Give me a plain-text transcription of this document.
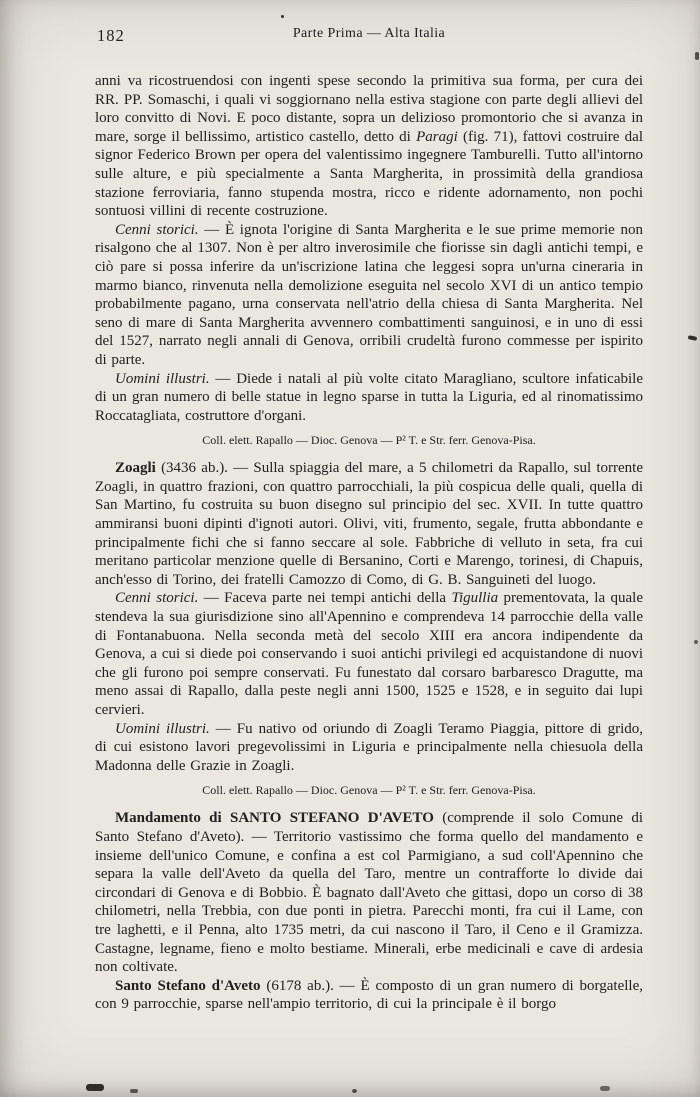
182	Parte Prima — Alta Italia

anni va ricostruendosi con ingenti spese secondo la primitiva sua forma, per cura dei RR. PP. Somaschi, i quali vi soggiornano nella estiva stagione con parte degli allievi del loro convitto di Novi. E poco distante, sopra un delizioso promontorio che si avanza in mare, sorge il bellissimo, artistico castello, detto di Paragi (fig. 71), fattovi costruire dal signor Federico Brown per opera del valentissimo ingegnere Tamburelli. Tutto all'intorno sulle alture, e più specialmente a Santa Margherita, in prossimità della grandiosa stazione ferroviaria, fanno stupenda mostra, ricco e ridente adornamento, non pochi sontuosi villini di recente costruzione.

Cenni storici. — È ignota l'origine di Santa Margherita e le sue prime memorie non risalgono che al 1307. Non è per altro inverosimile che fiorisse sin dagli antichi tempi, e ciò pare si possa inferire da un'iscrizione latina che leggesi sopra un'urna cineraria in marmo bianco, rinvenuta nella demolizione eseguita nel secolo XVI di un antico tempio probabilmente pagano, urna conservata nell'atrio della chiesa di Santa Margherita. Nel seno di mare di Santa Margherita avvennero combattimenti sanguinosi, e in uno di essi del 1527, narrato negli annali di Genova, orribili crudeltà furono commesse per ispirito di parte.

Uomini illustri. — Diede i natali al più volte citato Maragliano, scultore infaticabile di un gran numero di belle statue in legno sparse in tutta la Liguria, ed al rinomatissimo Roccatagliata, costruttore d'organi.

Coll. elett. Rapallo — Dioc. Genova — P² T. e Str. ferr. Genova-Pisa.

Zoagli (3436 ab.). — Sulla spiaggia del mare, a 5 chilometri da Rapallo, sul torrente Zoagli, in quattro frazioni, con quattro parrocchiali, la più cospicua delle quali, quella di San Martino, fu costruita su buon disegno sul principio del sec. XVII. In tutte quattro ammiransi buoni dipinti d'ignoti autori. Olivi, viti, frumento, segale, frutta abbondante e principalmente fichi che si fanno seccare al sole. Fabbriche di velluto in seta, fra cui meritano particolar menzione quelle di Bersanino, Corti e Marengo, torinesi, di Chapuis, anch'esso di Torino, dei fratelli Camozzo di Como, di G. B. Sanguineti del luogo.

Cenni storici. — Faceva parte nei tempi antichi della Tigullia prementovata, la quale stendeva la sua giurisdizione sino all'Apennino e comprendeva 14 parrocchie della valle di Fontanabuona. Nella seconda metà del secolo XIII era ancora indipendente da Genova, a cui si diede poi conservando i suoi antichi privilegi ed acquistandone di nuovi che gli furono poi sempre conservati. Fu funestato dal corsaro barbaresco Dragutte, ma meno assai di Rapallo, dalla peste negli anni 1500, 1525 e 1528, e in seguito dai lupi cervieri.

Uomini illustri. — Fu nativo od oriundo di Zoagli Teramo Piaggia, pittore di grido, di cui esistono lavori pregevolissimi in Liguria e principalmente nella chiesuola della Madonna delle Grazie in Zoagli.

Coll. elett. Rapallo — Dioc. Genova — P² T. e Str. ferr. Genova-Pisa.

Mandamento di SANTO STEFANO D'AVETO (comprende il solo Comune di Santo Stefano d'Aveto). — Territorio vastissimo che forma quello del mandamento e insieme dell'unico Comune, e confina a est col Parmigiano, a sud coll'Apennino che separa la valle dell'Aveto da quella del Taro, mentre un contrafforte lo divide dai circondari di Genova e di Bobbio. È bagnato dall'Aveto che gittasi, dopo un corso di 38 chilometri, nella Trebbia, con due ponti in pietra. Parecchi monti, fra cui il Lame, con tre laghetti, e il Penna, alto 1735 metri, da cui nascono il Taro, il Ceno e il Gramizza. Castagne, legname, fieno e molto bestiame. Minerali, erbe medicinali e cave di ardesia non coltivate.

Santo Stefano d'Aveto (6178 ab.). — È composto di un gran numero di borgatelle, con 9 parrocchie, sparse nell'ampio territorio, di cui la principale è il borgo
